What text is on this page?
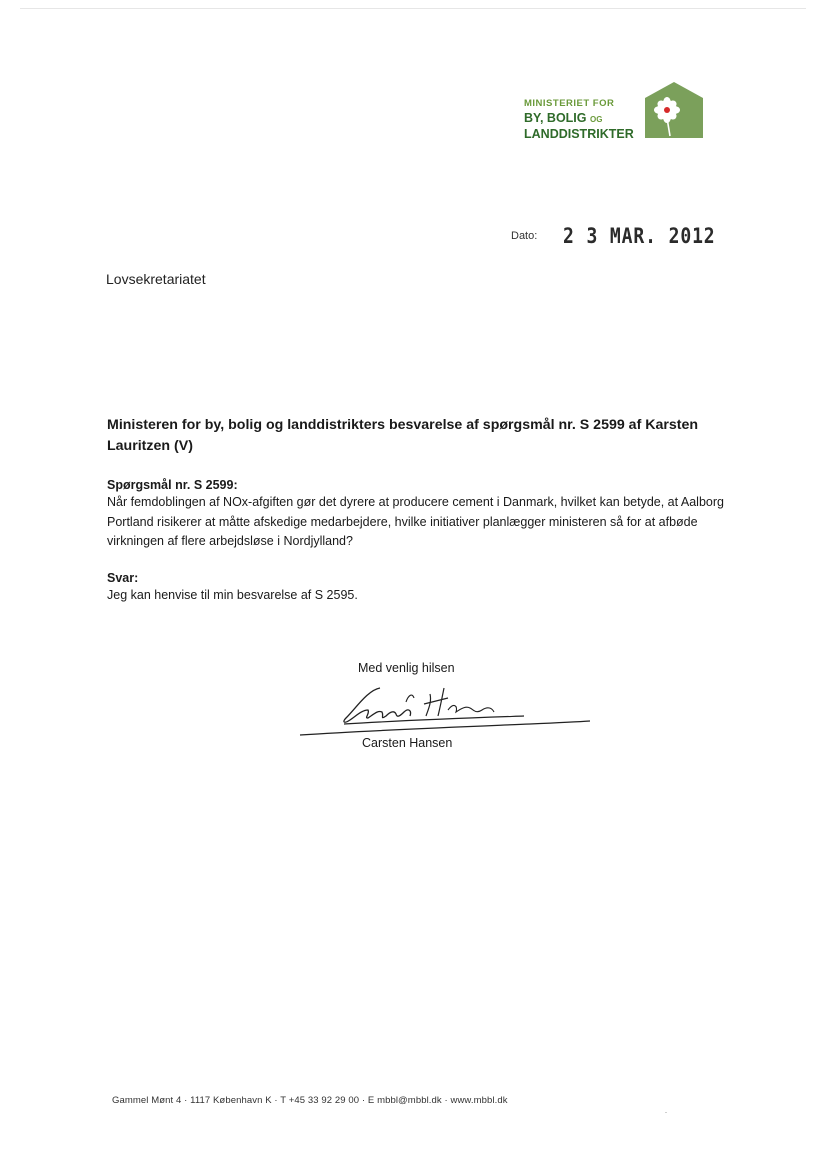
MINISTERIET FOR
BY, BOLIG OG
LANDDISTRIKTER
Dato: 2 3 MAR. 2012
Lovsekretariatet
Ministeren for by, bolig og landdistrikters besvarelse af spørgsmål nr. S 2599 af Karsten Lauritzen (V)
Spørgsmål nr. S 2599:
Når femdoblingen af NOx-afgiften gør det dyrere at producere cement i Danmark, hvilket kan betyde, at Aalborg Portland risikerer at måtte afskedige medarbejdere, hvilke initiativer planlægger ministeren så for at afbøde virkningen af flere arbejdsløse i Nordjylland?
Svar:
Jeg kan henvise til min besvarelse af S 2595.
Med venlig hilsen
Carsten Hansen
Gammel Mønt 4 · 1117 København K · T +45 33 92 29 00 · E mbbl@mbbl.dk · www.mbbl.dk
